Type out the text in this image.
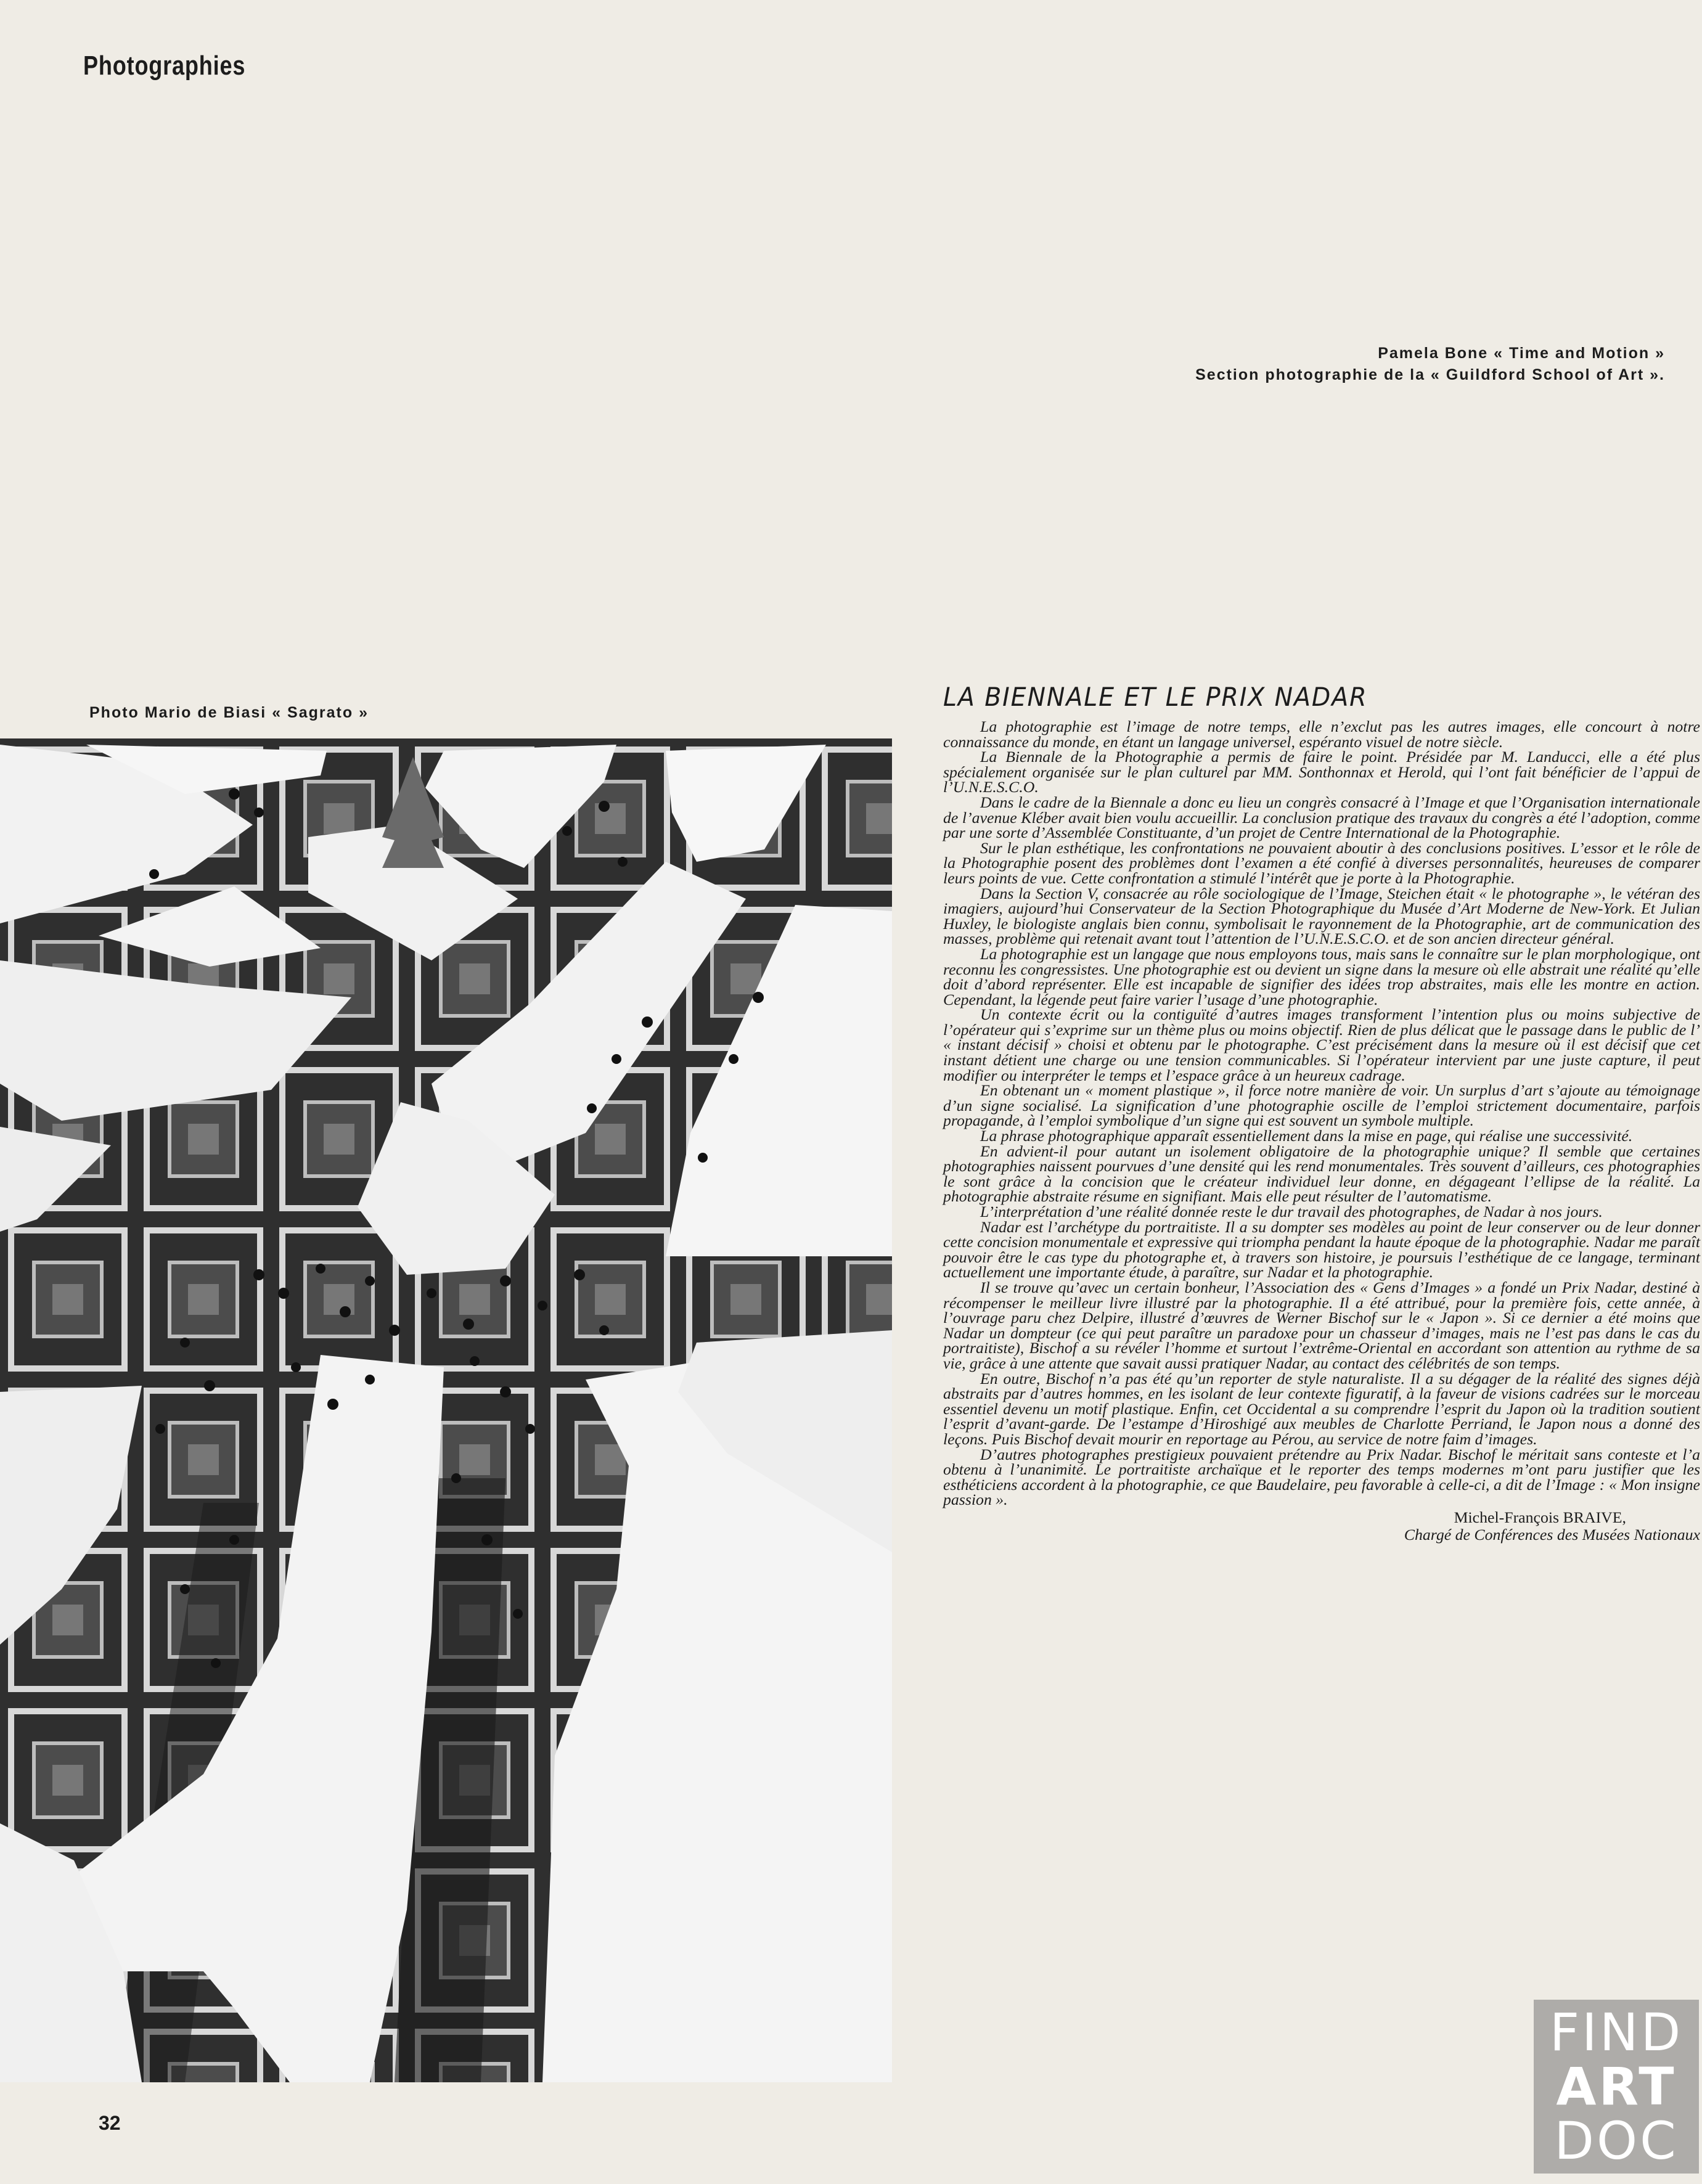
Photographies
Pamela Bone « Time and Motion »
Section photographie de la « Guildford School of Art ».
Photo Mario de Biasi « Sagrato »
LA BIENNALE ET LE PRIX NADAR

La photographie est l’image de notre temps, elle n’exclut pas les autres images, elle concourt à notre connaissance du monde, en étant un langage universel, espéranto visuel de notre siècle.

La Biennale de la Photographie a permis de faire le point. Présidée par M. Landucci, elle a été plus spécialement organisée sur le plan culturel par MM. Sonthonnax et Herold, qui l’ont fait bénéficier de l’appui de l’U.N.E.S.C.O.

Dans le cadre de la Biennale a donc eu lieu un congrès consacré à l’Image et que l’Organisation internationale de l’avenue Kléber avait bien voulu accueillir. La conclusion pratique des travaux du congrès a été l’adoption, comme par une sorte d’Assemblée Constituante, d’un projet de Centre International de la Photographie.

Sur le plan esthétique, les confrontations ne pouvaient aboutir à des conclusions positives. L’essor et le rôle de la Photographie posent des problèmes dont l’examen a été confié à diverses personnalités, heureuses de comparer leurs points de vue. Cette confrontation a stimulé l’intérêt que je porte à la Photographie.

Dans la Section V, consacrée au rôle sociologique de l’Image, Steichen était « le photographe », le vétéran des imagiers, aujourd’hui Conservateur de la Section Photographique du Musée d’Art Moderne de New-York. Et Julian Huxley, le biologiste anglais bien connu, symbolisait le rayonnement de la Photographie, art de communication des masses, problème qui retenait avant tout l’attention de l’U.N.E.S.C.O. et de son ancien directeur général.

La photographie est un langage que nous employons tous, mais sans le connaître sur le plan morphologique, ont reconnu les congressistes. Une photographie est ou devient un signe dans la mesure où elle abstrait une réalité qu’elle doit d’abord représenter. Elle est incapable de signifier des idées trop abstraites, mais elle les montre en action. Cependant, la légende peut faire varier l’usage d’une photographie.

Un contexte écrit ou la contiguïté d’autres images transforment l’intention plus ou moins subjective de l’opérateur qui s’exprime sur un thème plus ou moins objectif. Rien de plus délicat que le passage dans le public de l’ « instant décisif » choisi et obtenu par le photographe. C’est précisément dans la mesure où il est décisif que cet instant détient une charge ou une tension communicables. Si l’opérateur intervient par une juste capture, il peut modifier ou interpréter le temps et l’espace grâce à un heureux cadrage.

En obtenant un « moment plastique », il force notre manière de voir. Un surplus d’art s’ajoute au témoignage d’un signe socialisé. La signification d’une photographie oscille de l’emploi strictement documentaire, parfois propagande, à l’emploi symbolique d’un signe qui est souvent un symbole multiple.

La phrase photographique apparaît essentiellement dans la mise en page, qui réalise une successivité.

En advient-il pour autant un isolement obligatoire de la photographie unique? Il semble que certaines photographies naissent pourvues d’une densité qui les rend monumentales. Très souvent d’ailleurs, ces photographies le sont grâce à la concision que le créateur individuel leur donne, en dégageant l’ellipse de la réalité. La photographie abstraite résume en signifiant. Mais elle peut résulter de l’automatisme.

L’interprétation d’une réalité donnée reste le dur travail des photographes, de Nadar à nos jours.

Nadar est l’archétype du portraitiste. Il a su dompter ses modèles au point de leur conserver ou de leur donner cette concision monumentale et expressive qui triompha pendant la haute époque de la photographie. Nadar me paraît pouvoir être le cas type du photographe et, à travers son histoire, je poursuis l’esthétique de ce langage, terminant actuellement une importante étude, à paraître, sur Nadar et la photographie.

Il se trouve qu’avec un certain bonheur, l’Association des « Gens d’Images » a fondé un Prix Nadar, destiné à récompenser le meilleur livre illustré par la photographie. Il a été attribué, pour la première fois, cette année, à l’ouvrage paru chez Delpire, illustré d’œuvres de Werner Bischof sur le « Japon ». Si ce dernier a été moins que Nadar un dompteur (ce qui peut paraître un paradoxe pour un chasseur d’images, mais ne l’est pas dans le cas du portraitiste), Bischof a su révéler l’homme et surtout l’extrême-Oriental en accordant son attention au rythme de sa vie, grâce à une attente que savait aussi pratiquer Nadar, au contact des célébrités de son temps.

En outre, Bischof n’a pas été qu’un reporter de style naturaliste. Il a su dégager de la réalité des signes déjà abstraits par d’autres hommes, en les isolant de leur contexte figuratif, à la faveur de visions cadrées sur le morceau essentiel devenu un motif plastique. Enfin, cet Occidental a su comprendre l’esprit du Japon où la tradition soutient l’esprit d’avant-garde. De l’estampe d’Hiroshigé aux meubles de Charlotte Perriand, le Japon nous a donné des leçons. Puis Bischof devait mourir en reportage au Pérou, au service de notre faim d’images.

D’autres photographes prestigieux pouvaient prétendre au Prix Nadar. Bischof le méritait sans conteste et l’a obtenu à l’unanimité. Le portraitiste archaïque et le reporter des temps modernes m’ont paru justifier que les esthéticiens accordent à la photographie, ce que Baudelaire, peu favorable à celle-ci, a dit de l’Image : « Mon insigne passion ».

Michel-François BRAIVE,
Chargé de Conférences des Musées Nationaux
32
FIND
ART
DOC
